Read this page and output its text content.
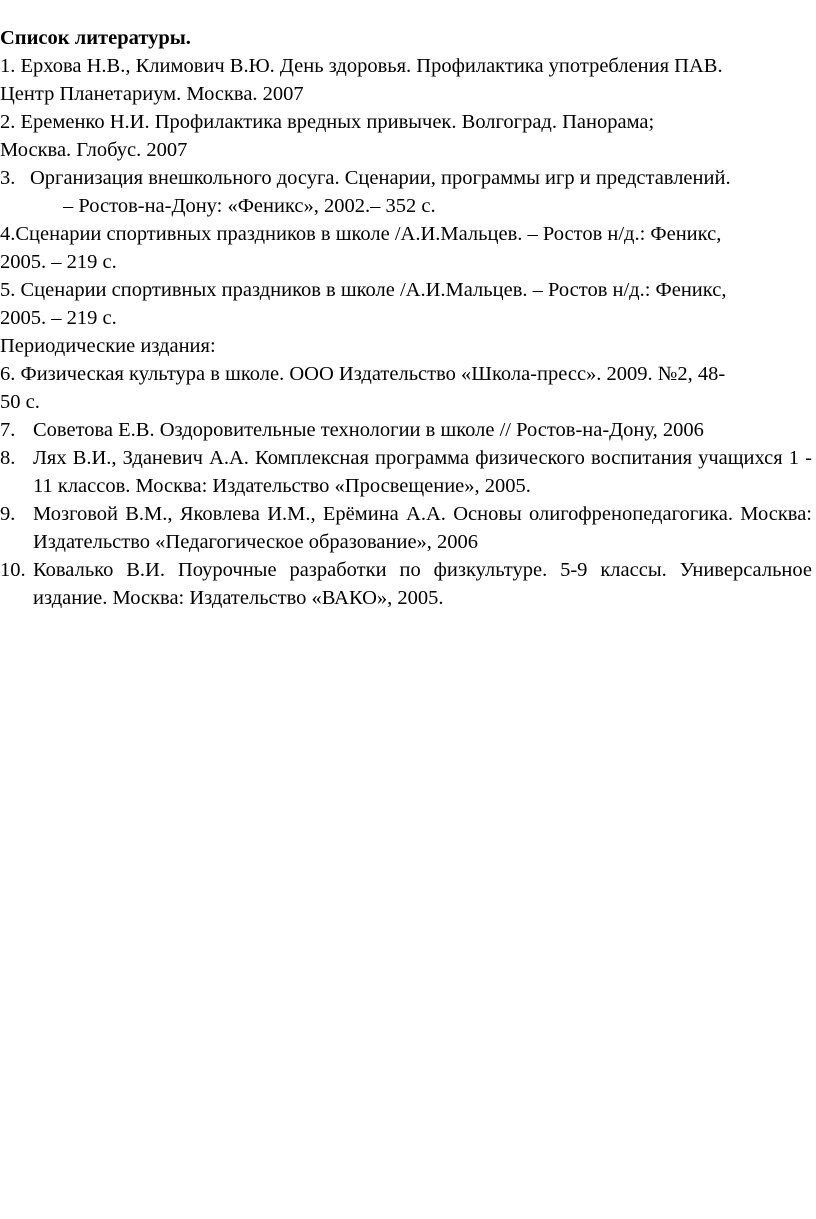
Список литературы.

1. Ерхова Н.В., Климович В.Ю. День здоровья. Профилактика употребления ПАВ.

Центр Планетариум. Москва. 2007

2. Еременко Н.И. Профилактика вредных привычек. Волгоград. Панорама;

Москва. Глобус. 2007

3. Организация внешкольного досуга. Сценарии, программы игр и представлений.

– Ростов-на-Дону: «Феникс», 2002.– 352 с.

4.Сценарии спортивных праздников в школе /А.И.Мальцев. – Ростов н/д.: Феникс,

2005. – 219 с.

5. Сценарии спортивных праздников в школе /А.И.Мальцев. – Ростов н/д.: Феникс,

2005. – 219 с.

Периодические издания:

6. Физическая культура в школе. ООО Издательство «Школа-пресс». 2009. №2, 48-

50 с.

7. Советова Е.В. Оздоровительные технологии в школе // Ростов-на-Дону, 2006

8. Лях В.И., Зданевич А.А. Комплексная программа физического воспитания учащихся 1 - 11 классов. Москва: Издательство «Просвещение», 2005.

9. Мозговой В.М., Яковлева И.М., Ерёмина А.А. Основы олигофренопедагогика. Москва: Издательство «Педагогическое образование», 2006

10. Ковалько В.И. Поурочные разработки по физкультуре. 5-9 классы. Универсальное издание. Москва: Издательство «ВАКО», 2005.
